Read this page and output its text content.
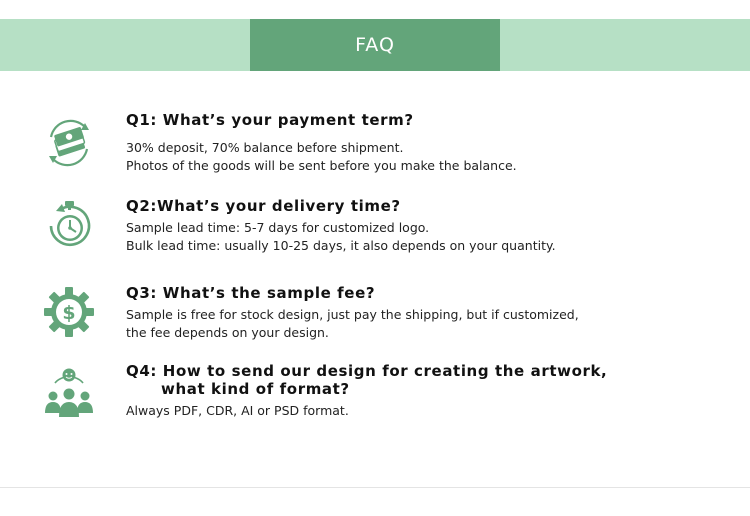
FAQ
Q1: What’s your payment term?
30% deposit, 70% balance before shipment.
Photos of the goods will be sent before you make the balance.
Q2:What’s your delivery time?
Sample lead time: 5-7 days for customized logo.
Bulk lead time: usually 10-25 days, it also depends on your quantity.
$
Q3: What’s the sample fee?
Sample is free for stock design, just pay the shipping, but if customized,
the fee depends on your design.
Q4: How to send our design for creating the artwork,
what kind of format?
Always PDF, CDR, AI or PSD format.
